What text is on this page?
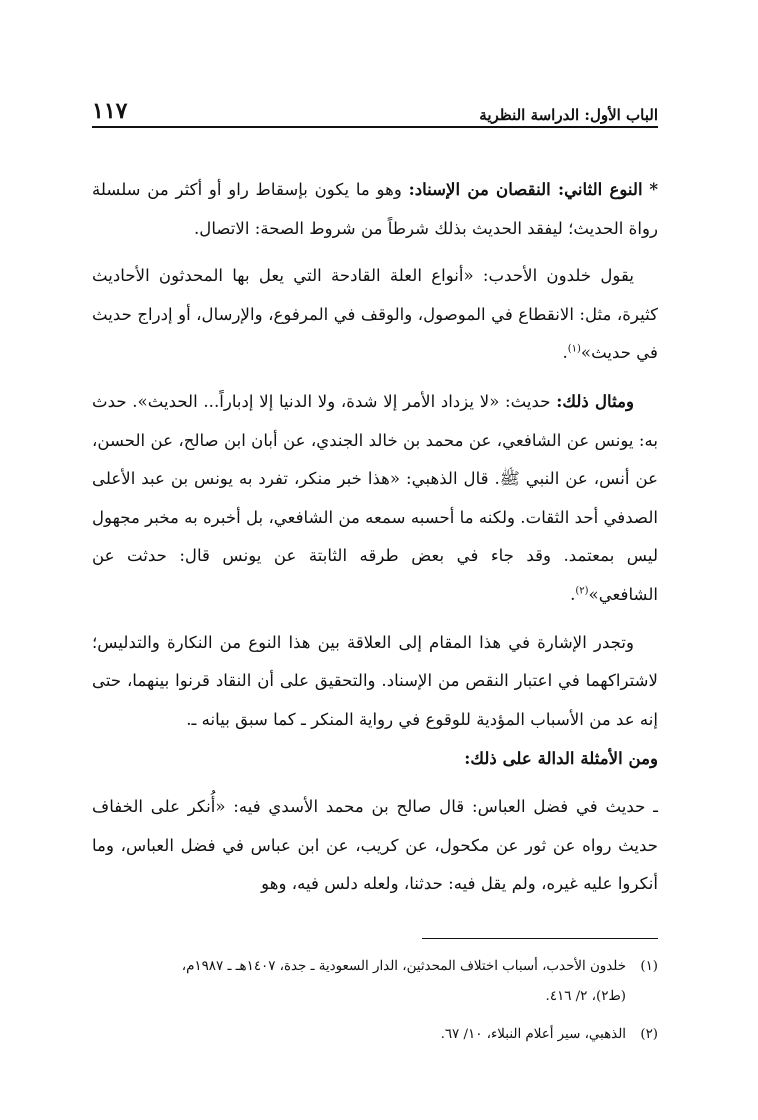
الباب الأول: الدراسة النظرية
١١٧

* النوع الثاني: النقصان من الإسناد: وهو ما يكون بإسقاط راو أو أكثر من سلسلة رواة الحديث؛ ليفقد الحديث بذلك شرطاً من شروط الصحة: الاتصال.

يقول خلدون الأحدب: «أنواع العلة القادحة التي يعل بها المحدثون الأحاديث كثيرة، مثل: الانقطاع في الموصول، والوقف في المرفوع، والإرسال، أو إدراج حديث في حديث»$^{(١)}$.

ومثال ذلك: حديث: «لا يزداد الأمر إلا شدة، ولا الدنيا إلا إدباراً... الحديث». حدث به: يونس عن الشافعي، عن محمد بن خالد الجندي، عن أبان ابن صالح، عن الحسن، عن أنس، عن النبي ﷺ. قال الذهبي: «هذا خبر منكر، تفرد به يونس بن عبد الأعلى الصدفي أحد الثقات. ولكنه ما أحسبه سمعه من الشافعي، بل أخبره به مخبر مجهول ليس بمعتمد. وقد جاء في بعض طرقه الثابتة عن يونس قال: حدثت عن الشافعي»$^{(٢)}$.

وتجدر الإشارة في هذا المقام إلى العلاقة بين هذا النوع من النكارة والتدليس؛ لاشتراكهما في اعتبار النقص من الإسناد. والتحقيق على أن النقاد قرنوا بينهما، حتى إنه عد من الأسباب المؤدية للوقوع في رواية المنكر ـ كما سبق بيانه ـ.

ومن الأمثلة الدالة على ذلك:

ـ حديث في فضل العباس: قال صالح بن محمد الأسدي فيه: «أُنكر على الخفاف حديث رواه عن ثور عن مكحول، عن كريب، عن ابن عباس في فضل العباس، وما أنكروا عليه غيره، ولم يقل فيه: حدثنا، ولعله دلس فيه، وهو

(١)خلدون الأحدب، أسباب اختلاف المحدثين، الدار السعودية ـ جدة، ١٤٠٧هـ ـ ١٩٨٧م،
(ط٢)، ٢/ ٤١٦.
(٢)الذهبي، سير أعلام النبلاء، ١٠/ ٦٧.
